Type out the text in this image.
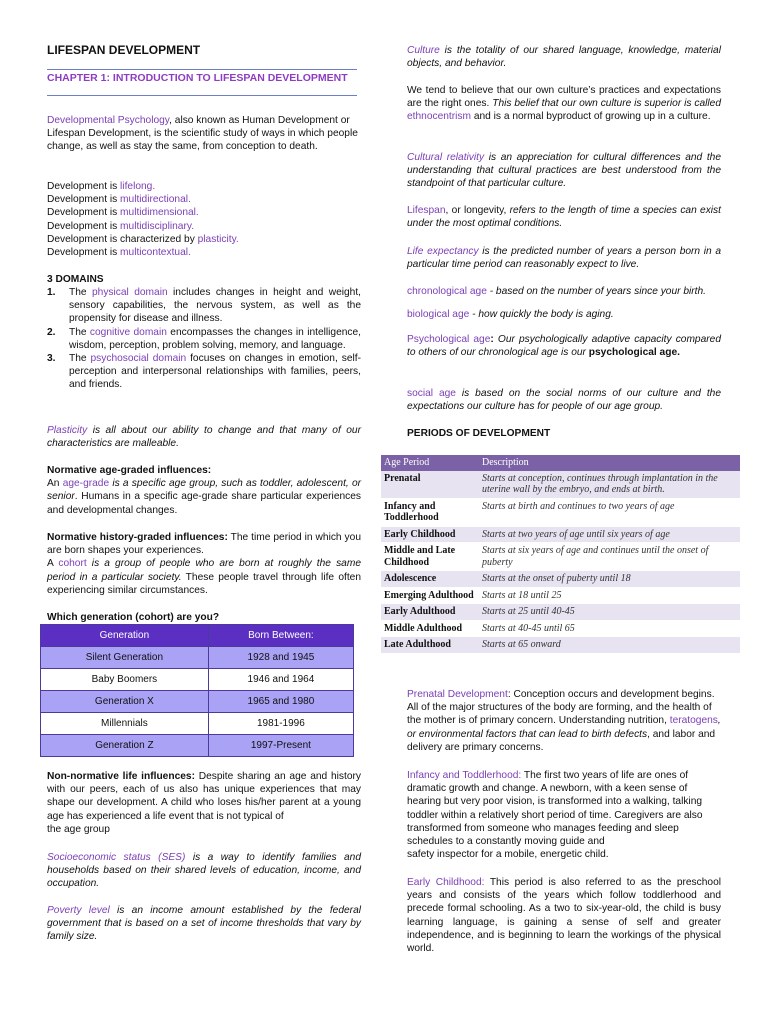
LIFESPAN DEVELOPMENT
CHAPTER 1: INTRODUCTION TO LIFESPAN DEVELOPMENT

Developmental Psychology, also known as Human Development or Lifespan Development, is the scientific study of ways in which people change, as well as stay the same, from conception to death.

Development is lifelong.
Development is multidirectional.
Development is multidimensional.
Development is multidisciplinary.
Development is characterized by plasticity.
Development is multicontextual.
3 DOMAINS
1. The physical domain includes changes in height and weight, sensory capabilities, the nervous system, as well as the propensity for disease and illness.
2. The cognitive domain encompasses the changes in intelligence, wisdom, perception, problem solving, memory, and language.
3. The psychosocial domain focuses on changes in emotion, self-perception and interpersonal relationships with families, peers, and friends.

Plasticity is all about our ability to change and that many of our characteristics are malleable.

Normative age-graded influences:
An age-grade is a specific age group, such as toddler, adolescent, or senior. Humans in a specific age-grade share particular experiences and developmental changes.

Normative history-graded influences: The time period in which you are born shapes your experiences.
A cohort is a group of people who are born at roughly the same period in a particular society. These people travel through life often experiencing similar circumstances.

Which generation (cohort) are you?
Generation	Born Between:
Silent Generation	1928 and 1945
Baby Boomers	1946 and 1964
Generation X	1965 and 1980
Millennials	1981-1996
Generation Z	1997-Present

Non-normative life influences: Despite sharing an age and history with our peers, each of us also has unique experiences that may shape our development. A child who loses his/her parent at a young age has experienced a life event that is not typical of
the age group

Socioeconomic status (SES) is a way to identify families and households based on their shared levels of education, income, and occupation.

Poverty level is an income amount established by the federal government that is based on a set of income thresholds that vary by family size.

Culture is the totality of our shared language, knowledge, material objects, and behavior.

We tend to believe that our own culture’s practices and expectations are the right ones. This belief that our own culture is superior is called ethnocentrism and is a normal byproduct of growing up in a culture.

Cultural relativity is an appreciation for cultural differences and the understanding that cultural practices are best understood from the standpoint of that particular culture.

Lifespan, or longevity, refers to the length of time a species can exist under the most optimal conditions.

Life expectancy is the predicted number of years a person born in a particular time period can reasonably expect to live.

chronological age - based on the number of years since your birth.

biological age - how quickly the body is aging.

Psychological age: Our psychologically adaptive capacity compared to others of our chronological age is our psychological age.

social age is based on the social norms of our culture and the expectations our culture has for people of our age group.

PERIODS OF DEVELOPMENT
Age Period	Description
Prenatal	Starts at conception, continues through implantation in the uterine wall by the embryo, and ends at birth.
Infancy and Toddlerhood	Starts at birth and continues to two years of age
Early Childhood	Starts at two years of age until six years of age
Middle and Late Childhood	Starts at six years of age and continues until the onset of puberty
Adolescence	Starts at the onset of puberty until 18
Emerging Adulthood	Starts at 18 until 25
Early Adulthood	Starts at 25 until 40-45
Middle Adulthood	Starts at 40-45 until 65
Late Adulthood	Starts at 65 onward

Prenatal Development: Conception occurs and development begins. All of the major structures of the body are forming, and the health of the mother is of primary concern. Understanding nutrition, teratogens, or environmental factors that can lead to birth defects, and labor and delivery are primary concerns.

Infancy and Toddlerhood: The first two years of life are ones of dramatic growth and change. A newborn, with a keen sense of hearing but very poor vision, is transformed into a walking, talking toddler within a relatively short period of time. Caregivers are also transformed from someone who manages feeding and sleep schedules to a constantly moving guide and
safety inspector for a mobile, energetic child.

Early Childhood: This period is also referred to as the preschool years and consists of the years which follow toddlerhood and precede formal schooling. As a two to six-year-old, the child is busy learning language, is gaining a sense of self and greater independence, and is beginning to learn the workings of the physical world.
